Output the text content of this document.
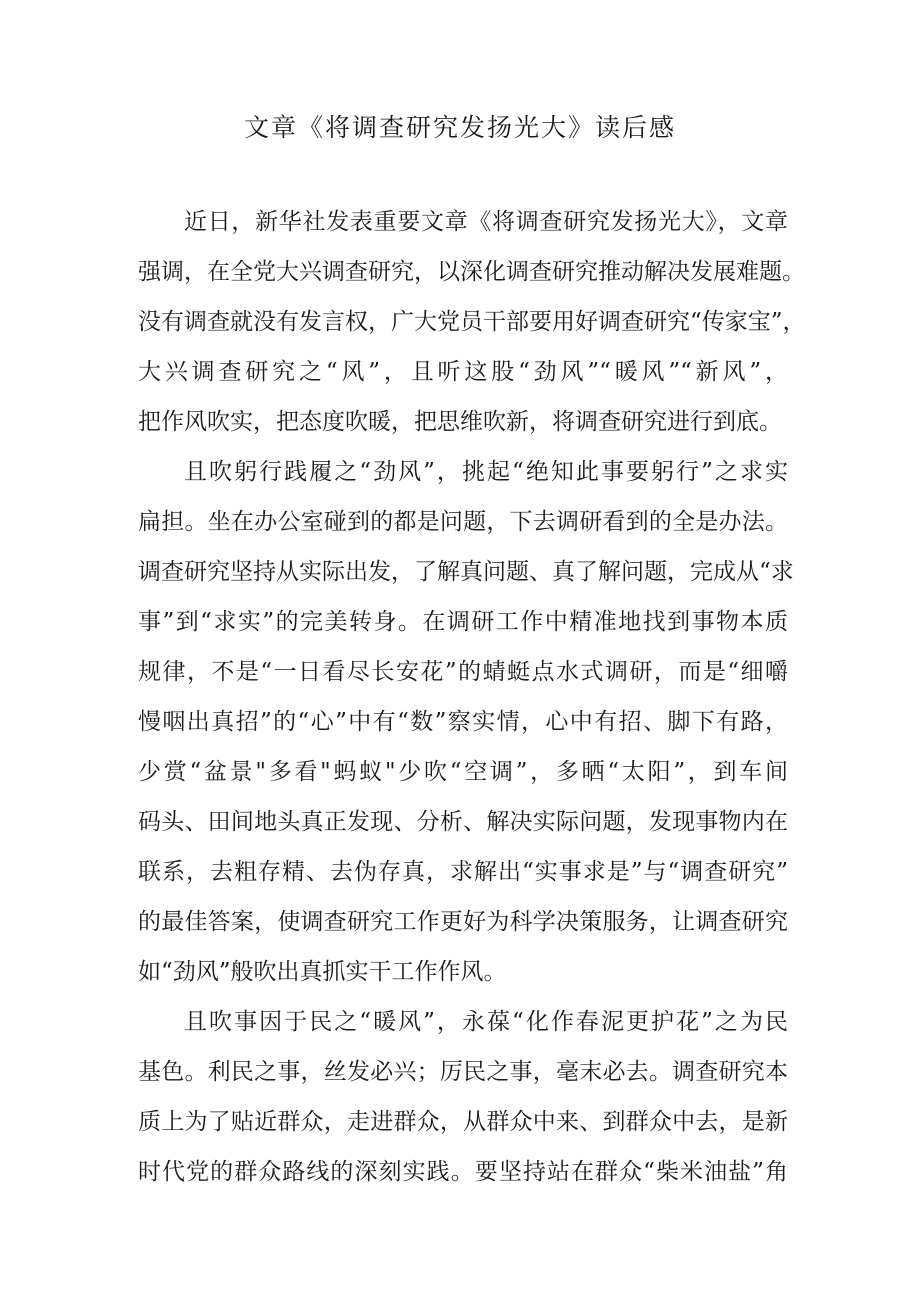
文章《将调查研究发扬光大》读后感
近日，新华社发表重要文章《将调查研究发扬光大》，文章
强调，在全党大兴调查研究，以深化调查研究推动解决发展难题。
没有调查就没有发言权，广大党员干部要用好调查研究“传家宝”，
大兴调查研究之“风”，且听这股“劲风”“暖风”“新风”，
把作风吹实，把态度吹暖，把思维吹新，将调查研究进行到底。
且吹躬行践履之“劲风”，挑起“绝知此事要躬行”之求实
扁担。坐在办公室碰到的都是问题，下去调研看到的全是办法。
调查研究坚持从实际出发，了解真问题、真了解问题，完成从“求
事”到“求实”的完美转身。在调研工作中精准地找到事物本质
规律，不是“一日看尽长安花”的蜻蜓点水式调研，而是“细嚼
慢咽出真招”的“心”中有“数”察实情，心中有招、脚下有路，
少赏“盆景"多看"蚂蚁"少吹“空调”，多晒“太阳”，到车间
码头、田间地头真正发现、分析、解决实际问题，发现事物内在
联系，去粗存精、去伪存真，求解出“实事求是”与“调查研究”
的最佳答案，使调查研究工作更好为科学决策服务，让调查研究
如“劲风”般吹出真抓实干工作作风。
且吹事因于民之“暖风”，永葆“化作春泥更护花”之为民
基色。利民之事，丝发必兴；厉民之事，毫末必去。调查研究本
质上为了贴近群众，走进群众，从群众中来、到群众中去，是新
时代党的群众路线的深刻实践。要坚持站在群众“柴米油盐”角
